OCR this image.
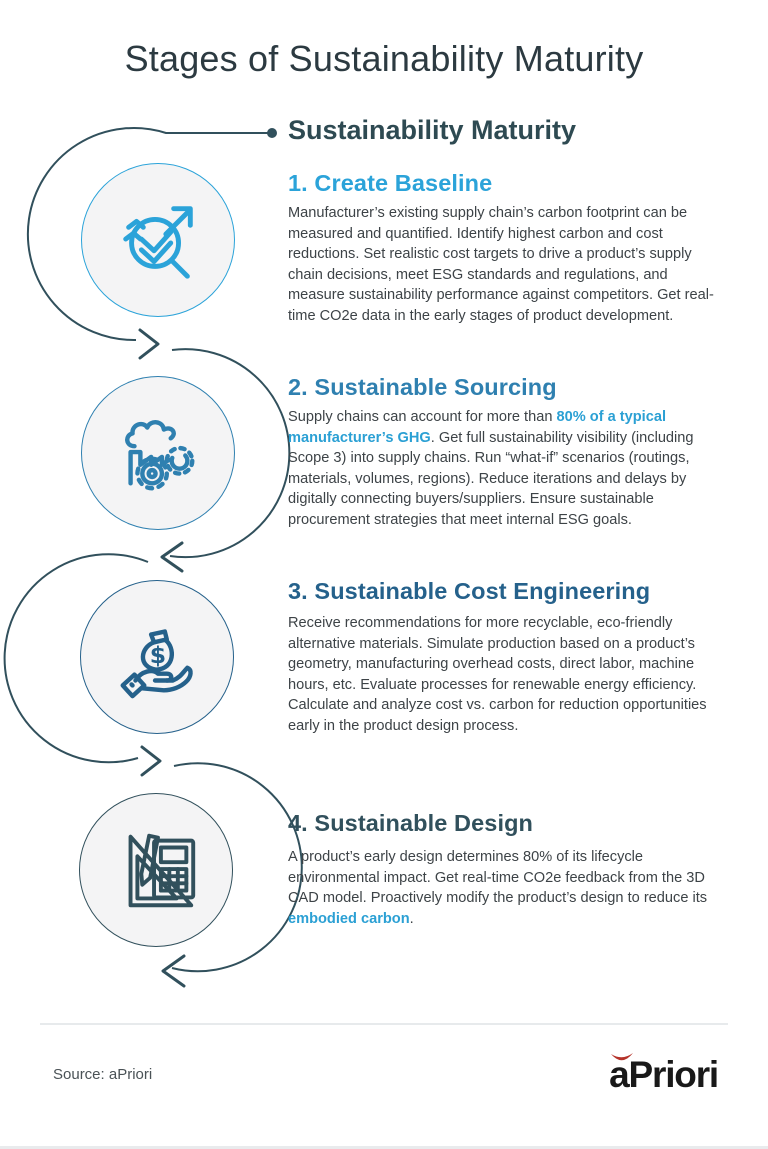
Stages of Sustainability Maturity
Sustainability Maturity
1. Create Baseline
Manufacturer’s existing supply chain’s carbon footprint can be measured and quantified. Identify highest carbon and cost reductions. Set realistic cost targets to drive a product’s supply chain decisions, meet ESG standards and regulations, and measure sustainability performance against competitors. Get real-time CO2e data in the early stages of product development.
2. Sustainable Sourcing
Supply chains can account for more than 80% of a typical manufacturer’s GHG. Get full sustainability visibility (including Scope 3) into supply chains. Run “what-if” scenarios (routings, materials, volumes, regions). Reduce iterations and delays by digitally connecting buyers/suppliers. Ensure sustainable procurement strategies that meet internal ESG goals.
$
3. Sustainable Cost Engineering
Receive recommendations for more recyclable, eco-friendly alternative materials. Simulate production based on a product’s geometry, manufacturing overhead costs, direct labor, machine hours, etc. Evaluate processes for renewable energy efficiency. Calculate and analyze cost vs. carbon for reduction opportunities early in the product design process.
4. Sustainable Design
A product’s early design determines 80% of its lifecycle environmental impact. Get real-time CO2e feedback from the 3D CAD model. Proactively modify the product’s design to reduce its embodied carbon.
Source: aPriori	aPriori
